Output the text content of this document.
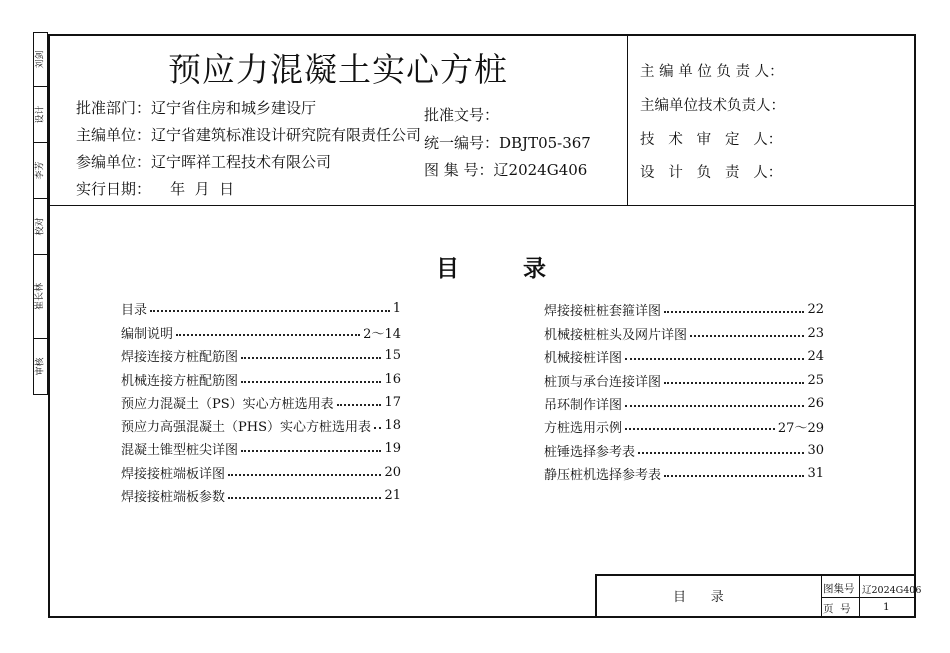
刘剑
设计
李芳
校对
崔长林
审核
预应力混凝土实心方桩
批准部门：辽宁省住房和城乡建设厅
主编单位：辽宁省建筑标准设计研究院有限责任公司
参编单位：辽宁晖祥工程技术有限公司
实行日期：    年  月  日
批准文号：
统一编号：DBJT05-367
图 集 号：辽2024G406
主 编 单 位 负 责 人：
主编单位技术负责人：
技   术   审   定   人：
设   计   负   责   人：
目        录
目录	1
编制说明	2～14
焊接连接方桩配筋图	15
机械连接方桩配筋图	16
预应力混凝土（PS）实心方桩选用表	17
预应力高强混凝土（PHS）实心方桩选用表 18
混凝土锥型桩尖详图	19
焊接接桩端板详图	20
焊接接桩端板参数	21
焊接接桩桩套箍详图	22
机械接桩桩头及网片详图	23
机械接桩详图	24
桩顶与承台连接详图	25
吊环制作详图	26
方桩选用示例	27～29
桩锤选择参考表	30
静压桩机选择参考表	31
目      录
图集号 辽2024G406
页  号	1
